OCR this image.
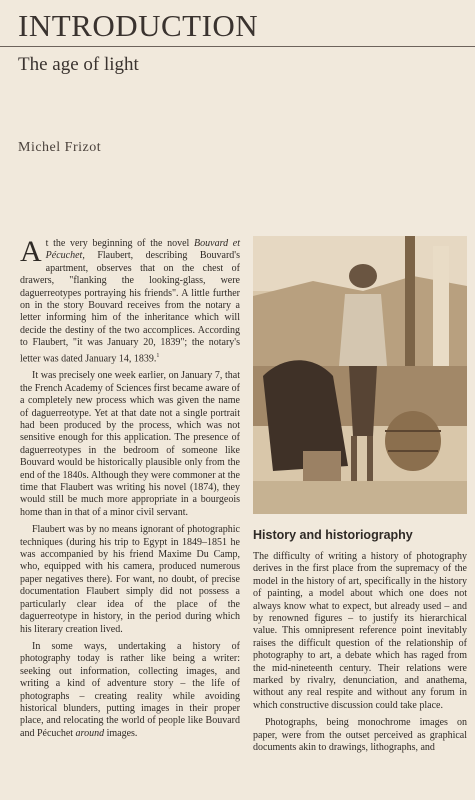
INTRODUCTION
The age of light
Michel Frizot

At the very beginning of the novel Bouvard et Pécuchet, Flaubert, describing Bouvard's apartment, observes that on the chest of drawers, "flanking the looking-glass, were daguerreotypes portraying his friends". A little further on in the story Bouvard receives from the notary a letter informing him of the inheritance which will decide the destiny of the two accomplices. According to Flaubert, "it was January 20, 1839"; the notary's letter was dated January 14, 1839.$^1$

It was precisely one week earlier, on January 7, that the French Academy of Sciences first became aware of a completely new process which was given the name of daguerreotype. Yet at that date not a single portrait had been produced by the process, which was not sensitive enough for this application. The presence of daguerreotypes in the bedroom of someone like Bouvard would be historically plausible only from the end of the 1840s. Although they were commoner at the time that Flaubert was writing his novel (1874), they would still be much more appropriate in a bourgeois home than in that of a minor civil servant.

Flaubert was by no means ignorant of photographic techniques (during his trip to Egypt in 1849–1851 he was accompanied by his friend Maxime Du Camp, who, equipped with his camera, produced numerous paper negatives there). For want, no doubt, of precise documentation Flaubert simply did not possess a particularly clear idea of the place of the daguerreotype in history, in the period during which his literary creation lived.

In some ways, undertaking a history of photography today is rather like being a writer: seeking out information, collecting images, and writing a kind of adventure story – the life of photographs – creating reality while avoiding historical blunders, putting images in their proper place, and relocating the world of people like Bouvard and Pécuchet around images.

History and historiography

The difficulty of writing a history of photography derives in the first place from the supremacy of the model in the history of art, specifically in the history of painting, a model about which one does not always know what to expect, but already used – and by renowned figures – to justify its hierarchical value. This omnipresent reference point inevitably raises the difficult question of the relationship of photography to art, a debate which has raged from the mid-nineteenth century. Their relations were marked by rivalry, denunciation, and anathema, without any real respite and without any forum in which constructive discussion could take place.

Photographs, being monochrome images on paper, were from the outset perceived as graphical documents akin to drawings, lithographs, and
